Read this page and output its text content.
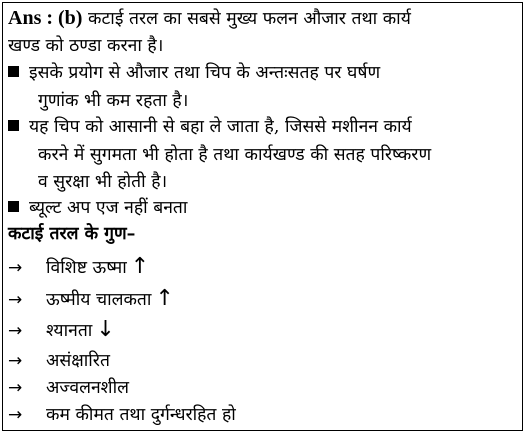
Ans : (b) कटाई तरल का सबसे मुख्य फलन औजार तथा कार्य
खण्ड को ठण्डा करना है।
इसके प्रयोग से औजार तथा चिप के अन्तःसतह पर घर्षण
गुणांक भी कम रहता है।
यह चिप को आसानी से बहा ले जाता है, जिससे मशीनन कार्य
करने में सुगमता भी होता है तथा कार्यखण्ड की सतह परिष्करण
व सुरक्षा भी होती है।
ब्यूल्ट अप एज नहीं बनता
कटाई तरल के गुण–
→ विशिष्ट ऊष्मा ↑
→ ऊष्मीय चालकता ↑
→ श्यानता ↓
→ असंक्षारित
→ अज्वलनशील
→ कम कीमत तथा दुर्गन्धरहित हो
